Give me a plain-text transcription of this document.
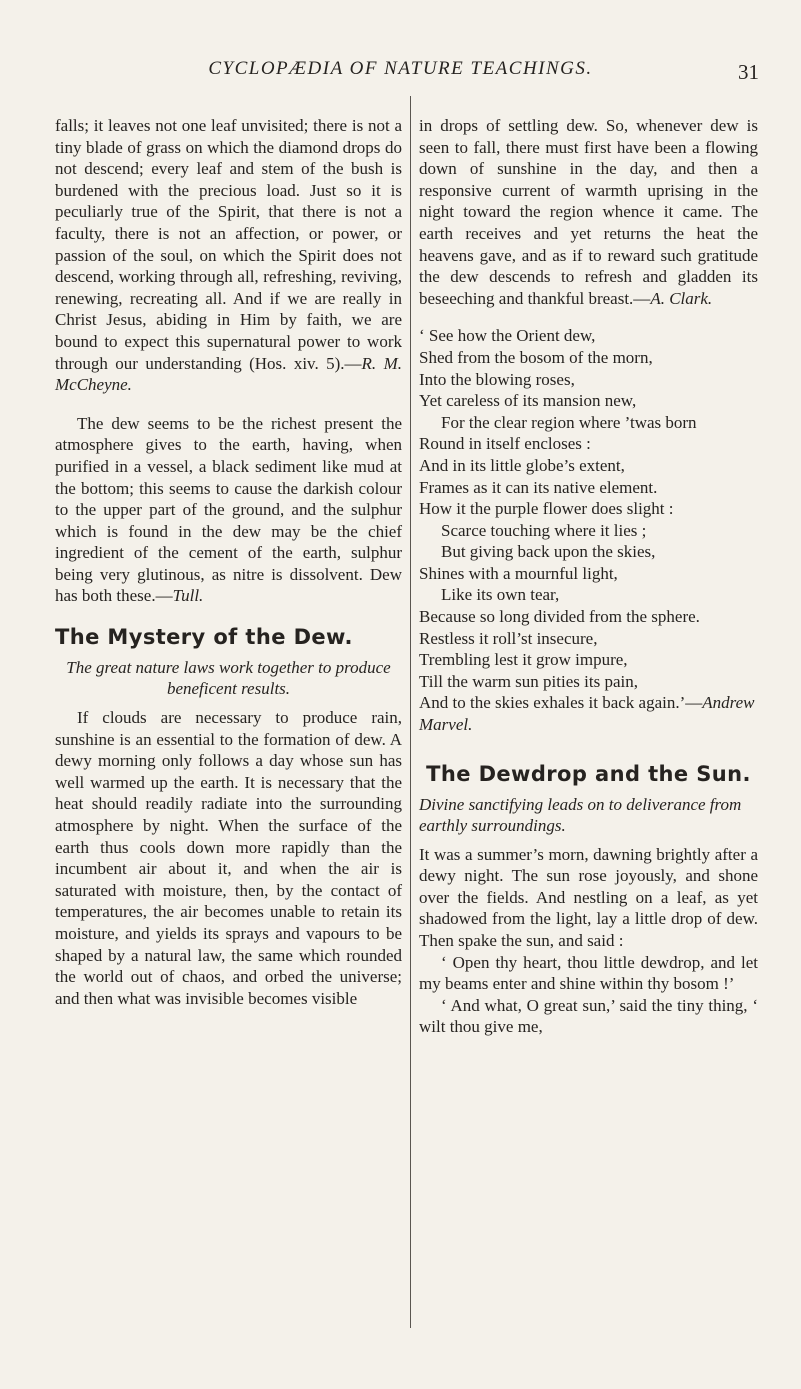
CYCLOPÆDIA OF NATURE TEACHINGS.	31

falls; it leaves not one leaf unvisited; there is not a tiny blade of grass on which the diamond drops do not descend; every leaf and stem of the bush is burdened with the precious load. Just so it is peculiarly true of the Spirit, that there is not a faculty, there is not an affection, or power, or passion of the soul, on which the Spirit does not descend, working through all, refreshing, reviving, renewing, recreating all. And if we are really in Christ Jesus, abiding in Him by faith, we are bound to expect this supernatural power to work through our understanding (Hos. xiv. 5).—R. M. McCheyne.

The dew seems to be the richest present the atmosphere gives to the earth, having, when purified in a vessel, a black sediment like mud at the bottom; this seems to cause the darkish colour to the upper part of the ground, and the sulphur which is found in the dew may be the chief ingredient of the cement of the earth, sulphur being very glutinous, as nitre is dissolvent. Dew has both these.—Tull.

The Mystery of the Dew.

The great nature laws work together to produce beneficent results.

If clouds are necessary to produce rain, sunshine is an essential to the formation of dew. A dewy morning only follows a day whose sun has well warmed up the earth. It is necessary that the heat should readily radiate into the surrounding atmosphere by night. When the surface of the earth thus cools down more rapidly than the incumbent air about it, and when the air is saturated with moisture, then, by the contact of temperatures, the air becomes unable to retain its moisture, and yields its sprays and vapours to be shaped by a natural law, the same which rounded the world out of chaos, and orbed the universe; and then what was invisible becomes visible

in drops of settling dew. So, whenever dew is seen to fall, there must first have been a flowing down of sunshine in the day, and then a responsive current of warmth uprising in the night toward the region whence it came. The earth receives and yet returns the heat the heavens gave, and as if to reward such gratitude the dew descends to refresh and gladden its beseeching and thankful breast.—A. Clark.

‘ See how the Orient dew,
Shed from the bosom of the morn,
Into the blowing roses,
Yet careless of its mansion new,
For the clear region where ’twas born
Round in itself encloses :
And in its little globe’s extent,
Frames as it can its native element.
How it the purple flower does slight :
Scarce touching where it lies ;
But giving back upon the skies,
Shines with a mournful light,
Like its own tear,
Because so long divided from the sphere.
Restless it roll’st insecure,
Trembling lest it grow impure,
Till the warm sun pities its pain,
And to the skies exhales it back again.’—Andrew Marvel.
The Dewdrop and the Sun.

Divine sanctifying leads on to deliverance from earthly surroundings.

It was a summer’s morn, dawning brightly after a dewy night. The sun rose joyously, and shone over the fields. And nestling on a leaf, as yet shadowed from the light, lay a little drop of dew. Then spake the sun, and said :

‘ Open thy heart, thou little dewdrop, and let my beams enter and shine within thy bosom !’

‘ And what, O great sun,’ said the tiny thing, ‘ wilt thou give me,
